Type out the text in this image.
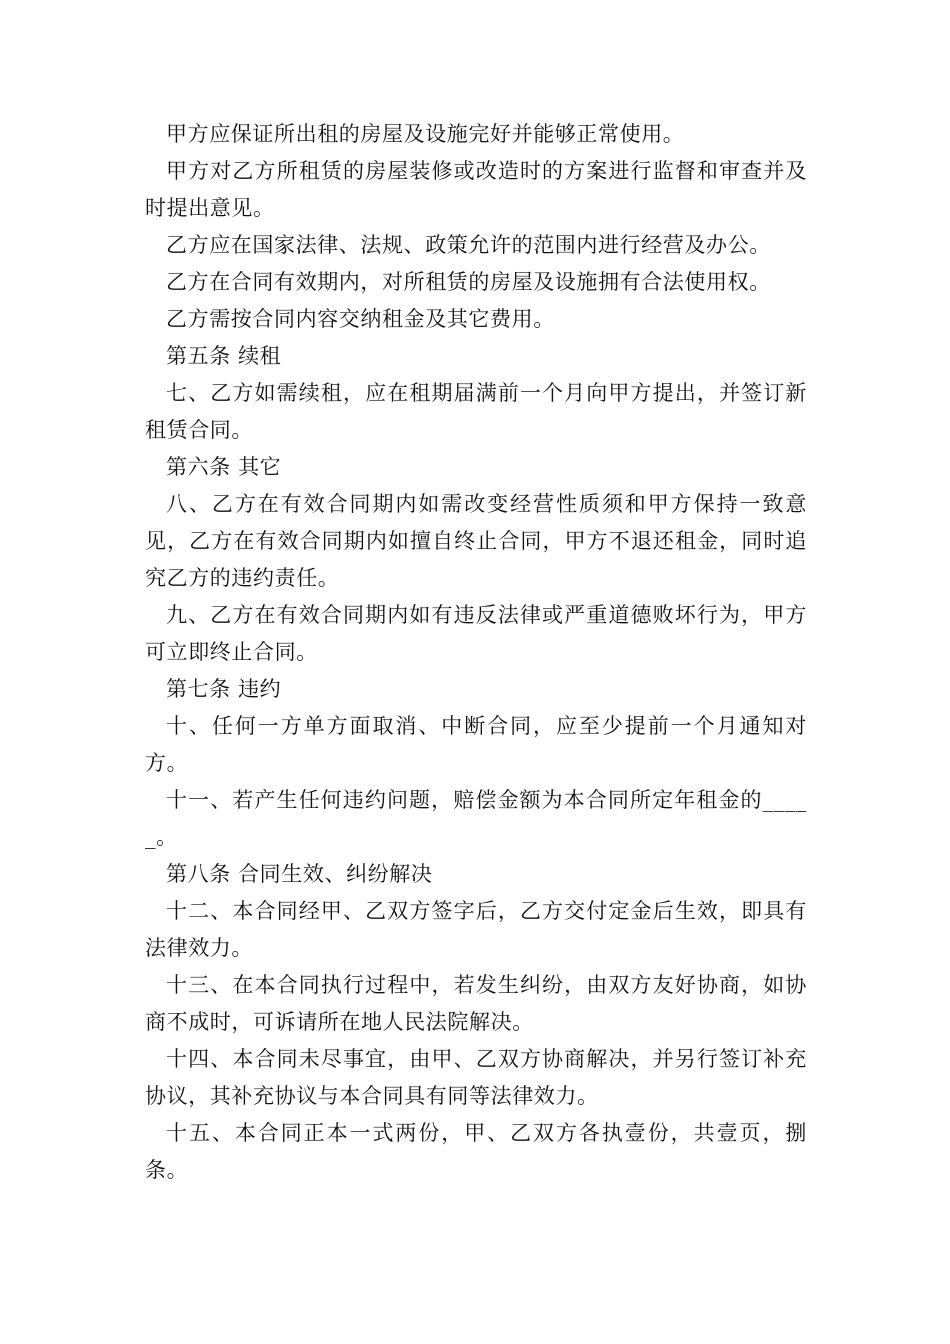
甲方应保证所出租的房屋及设施完好并能够正常使用。

甲方对乙方所租赁的房屋装修或改造时的方案进行监督和审查并及时提出意见。

乙方应在国家法律、法规、政策允许的范围内进行经营及办公。

乙方在合同有效期内，对所租赁的房屋及设施拥有合法使用权。

乙方需按合同内容交纳租金及其它费用。

第五条 续租

七、乙方如需续租，应在租期届满前一个月向甲方提出，并签订新租赁合同。

第六条 其它

八、乙方在有效合同期内如需改变经营性质须和甲方保持一致意见，乙方在有效合同期内如擅自终止合同，甲方不退还租金，同时追究乙方的违约责任。

九、乙方在有效合同期内如有违反法律或严重道德败坏行为，甲方可立即终止合同。

第七条 违约

十、任何一方单方面取消、中断合同，应至少提前一个月通知对方。

十一、若产生任何违约问题，赔偿金额为本合同所定年租金的_____。

第八条 合同生效、纠纷解决

十二、本合同经甲、乙双方签字后，乙方交付定金后生效，即具有法律效力。

十三、在本合同执行过程中，若发生纠纷，由双方友好协商，如协商不成时，可诉请所在地人民法院解决。

十四、本合同未尽事宜，由甲、乙双方协商解决，并另行签订补充协议，其补充协议与本合同具有同等法律效力。

十五、本合同正本一式两份，甲、乙双方各执壹份，共壹页，捌条。
